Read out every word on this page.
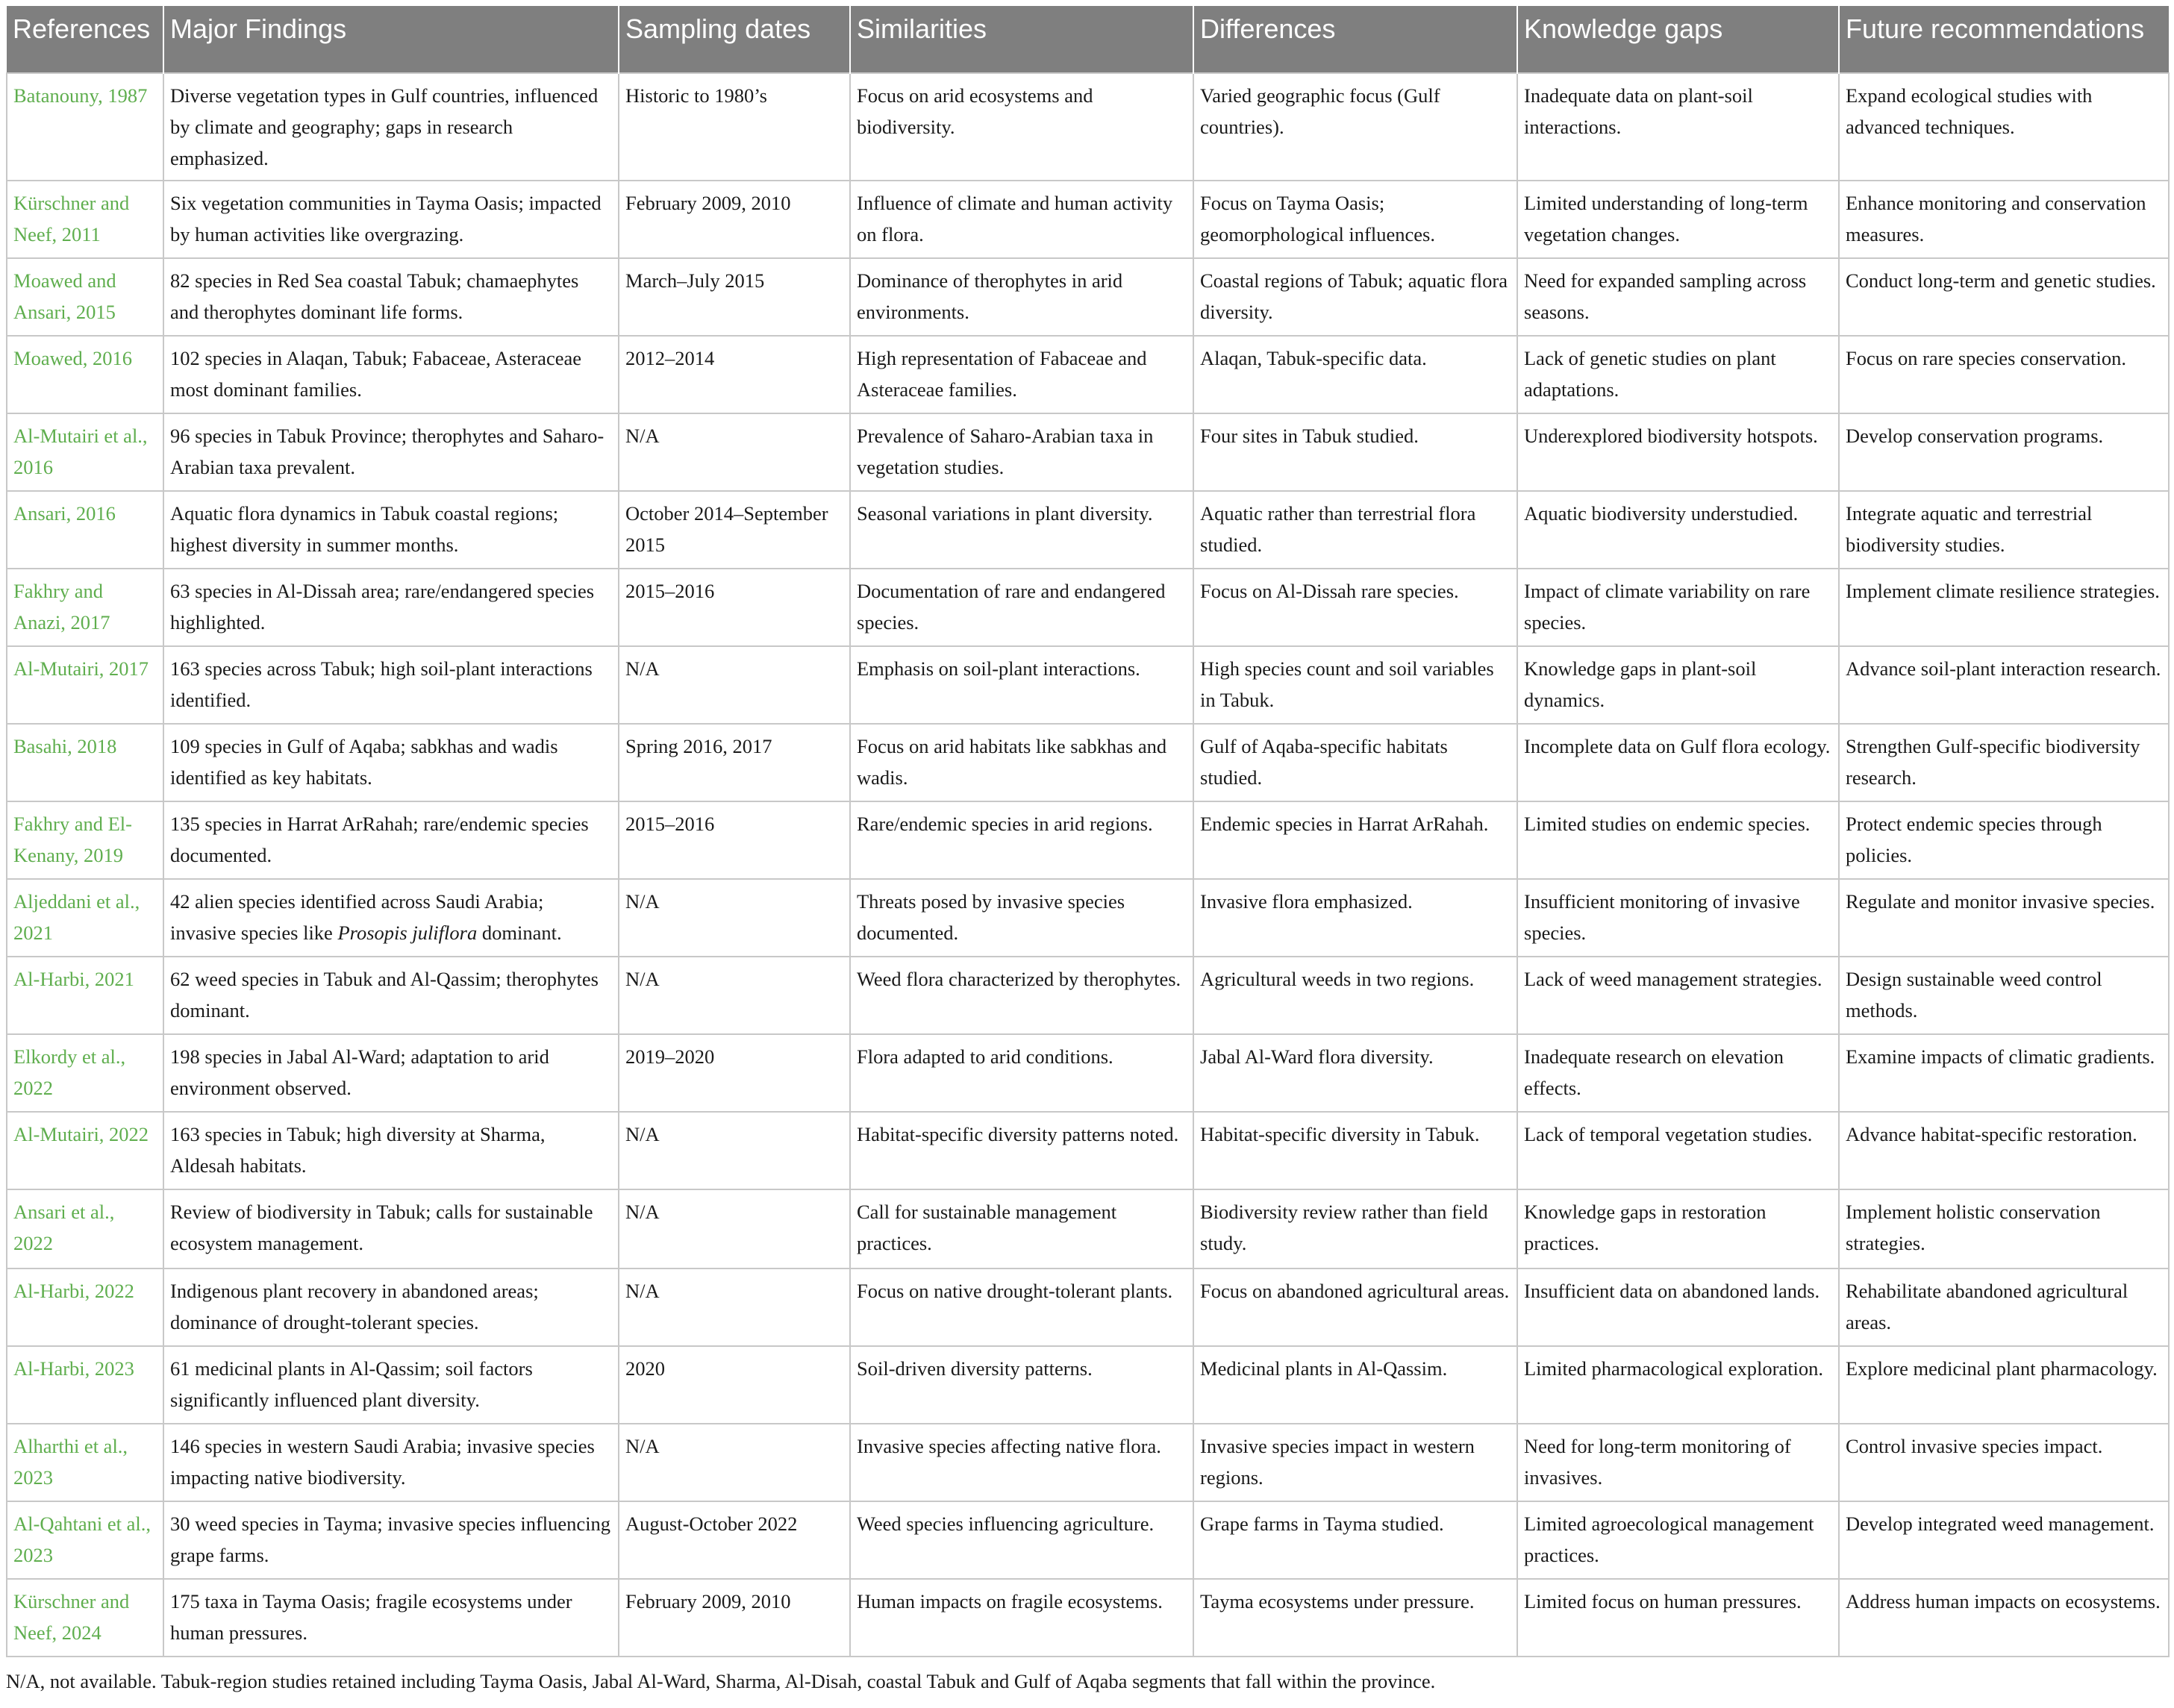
References	Major Findings	Sampling dates	Similarities	Differences	Knowledge gaps	Future recommendations
Batanouny, 1987	Diverse vegetation types in Gulf countries, influenced by climate and geography; gaps in research emphasized.	Historic to 1980’s	Focus on arid ecosystems and biodiversity.	Varied geographic focus (Gulf countries).	Inadequate data on plant-soil interactions.	Expand ecological studies with advanced techniques.
Kürschner and Neef, 2011	Six vegetation communities in Tayma Oasis; impacted by human activities like overgrazing.	February 2009, 2010	Influence of climate and human activity on flora.	Focus on Tayma Oasis; geomorphological influences.	Limited understanding of long-term vegetation changes.	Enhance monitoring and conservation measures.
Moawed and Ansari, 2015	82 species in Red Sea coastal Tabuk; chamaephytes and therophytes dominant life forms.	March–July 2015	Dominance of therophytes in arid environments.	Coastal regions of Tabuk; aquatic flora diversity.	Need for expanded sampling across seasons.	Conduct long-term and genetic studies.
Moawed, 2016	102 species in Alaqan, Tabuk; Fabaceae, Asteraceae most dominant families.	2012–2014	High representation of Fabaceae and Asteraceae families.	Alaqan, Tabuk-specific data.	Lack of genetic studies on plant adaptations.	Focus on rare species conservation.
Al-Mutairi et al., 2016	96 species in Tabuk Province; therophytes and Saharo-Arabian taxa prevalent.	N/A	Prevalence of Saharo-Arabian taxa in vegetation studies.	Four sites in Tabuk studied.	Underexplored biodiversity hotspots.	Develop conservation programs.
Ansari, 2016	Aquatic flora dynamics in Tabuk coastal regions; highest diversity in summer months.	October 2014–September 2015	Seasonal variations in plant diversity.	Aquatic rather than terrestrial flora studied.	Aquatic biodiversity understudied.	Integrate aquatic and terrestrial biodiversity studies.
Fakhry and Anazi, 2017	63 species in Al-Dissah area; rare/endangered species highlighted.	2015–2016	Documentation of rare and endangered species.	Focus on Al-Dissah rare species.	Impact of climate variability on rare species.	Implement climate resilience strategies.
Al-Mutairi, 2017	163 species across Tabuk; high soil-plant interactions identified.	N/A	Emphasis on soil-plant interactions.	High species count and soil variables in Tabuk.	Knowledge gaps in plant-soil dynamics.	Advance soil-plant interaction research.
Basahi, 2018	109 species in Gulf of Aqaba; sabkhas and wadis identified as key habitats.	Spring 2016, 2017	Focus on arid habitats like sabkhas and wadis.	Gulf of Aqaba-specific habitats studied.	Incomplete data on Gulf flora ecology.	Strengthen Gulf-specific biodiversity research.
Fakhry and El-Kenany, 2019	135 species in Harrat ArRahah; rare/endemic species documented.	2015–2016	Rare/endemic species in arid regions.	Endemic species in Harrat ArRahah.	Limited studies on endemic species.	Protect endemic species through policies.
Aljeddani et al., 2021	42 alien species identified across Saudi Arabia; invasive species like Prosopis juliflora dominant.	N/A	Threats posed by invasive species documented.	Invasive flora emphasized.	Insufficient monitoring of invasive species.	Regulate and monitor invasive species.
Al-Harbi, 2021	62 weed species in Tabuk and Al-Qassim; therophytes dominant.	N/A	Weed flora characterized by therophytes.	Agricultural weeds in two regions.	Lack of weed management strategies.	Design sustainable weed control methods.
Elkordy et al., 2022	198 species in Jabal Al-Ward; adaptation to arid environment observed.	2019–2020	Flora adapted to arid conditions.	Jabal Al-Ward flora diversity.	Inadequate research on elevation effects.	Examine impacts of climatic gradients.
Al-Mutairi, 2022	163 species in Tabuk; high diversity at Sharma, Aldesah habitats.	N/A	Habitat-specific diversity patterns noted.	Habitat-specific diversity in Tabuk.	Lack of temporal vegetation studies.	Advance habitat-specific restoration.
Ansari et al., 2022	Review of biodiversity in Tabuk; calls for sustainable ecosystem management.	N/A	Call for sustainable management practices.	Biodiversity review rather than field study.	Knowledge gaps in restoration practices.	Implement holistic conservation strategies.
Al-Harbi, 2022	Indigenous plant recovery in abandoned areas; dominance of drought-tolerant species.	N/A	Focus on native drought-tolerant plants.	Focus on abandoned agricultural areas.	Insufficient data on abandoned lands.	Rehabilitate abandoned agricultural areas.
Al-Harbi, 2023	61 medicinal plants in Al-Qassim; soil factors significantly influenced plant diversity.	2020	Soil-driven diversity patterns.	Medicinal plants in Al-Qassim.	Limited pharmacological exploration.	Explore medicinal plant pharmacology.
Alharthi et al., 2023	146 species in western Saudi Arabia; invasive species impacting native biodiversity.	N/A	Invasive species affecting native flora.	Invasive species impact in western regions.	Need for long-term monitoring of invasives.	Control invasive species impact.
Al-Qahtani et al., 2023	30 weed species in Tayma; invasive species influencing grape farms.	August-October 2022	Weed species influencing agriculture.	Grape farms in Tayma studied.	Limited agroecological management practices.	Develop integrated weed management.
Kürschner and Neef, 2024	175 taxa in Tayma Oasis; fragile ecosystems under human pressures.	February 2009, 2010	Human impacts on fragile ecosystems.	Tayma ecosystems under pressure.	Limited focus on human pressures.	Address human impacts on ecosystems.
N/A, not available. Tabuk-region studies retained including Tayma Oasis, Jabal Al-Ward, Sharma, Al-Disah, coastal Tabuk and Gulf of Aqaba segments that fall within the province.
